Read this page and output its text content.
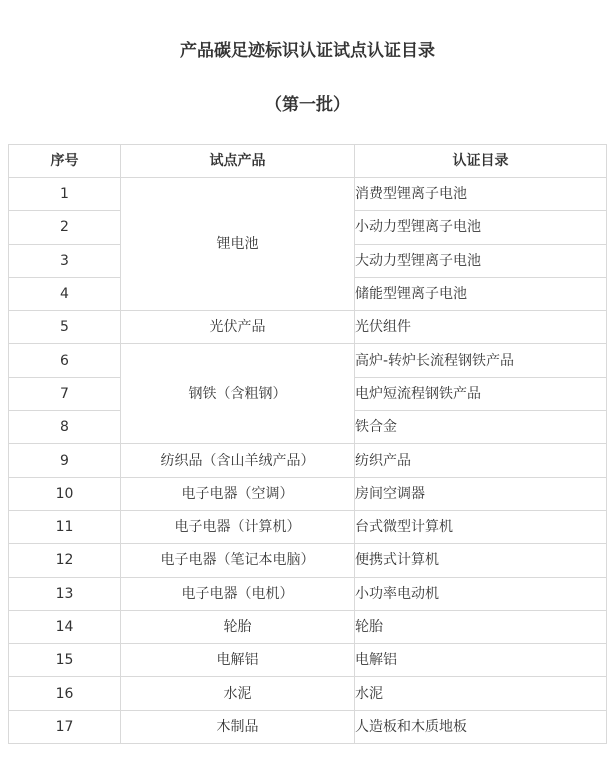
产品碳足迹标识认证试点认证目录
（第一批）
序号	试点产品	认证目录
1	锂电池	消费型锂离子电池
2		小动力型锂离子电池
3		大动力型锂离子电池
4		储能型锂离子电池
5	光伏产品	光伏组件
6	钢铁（含粗钢）	高炉-转炉长流程钢铁产品
7		电炉短流程钢铁产品
8		铁合金
9	纺织品（含山羊绒产品）	纺织产品
10	电子电器（空调）	房间空调器
11	电子电器（计算机）	台式微型计算机
12	电子电器（笔记本电脑）	便携式计算机
13	电子电器（电机）	小功率电动机
14	轮胎	轮胎
15	电解铝	电解铝
16	水泥	水泥
17	木制品	人造板和木质地板
